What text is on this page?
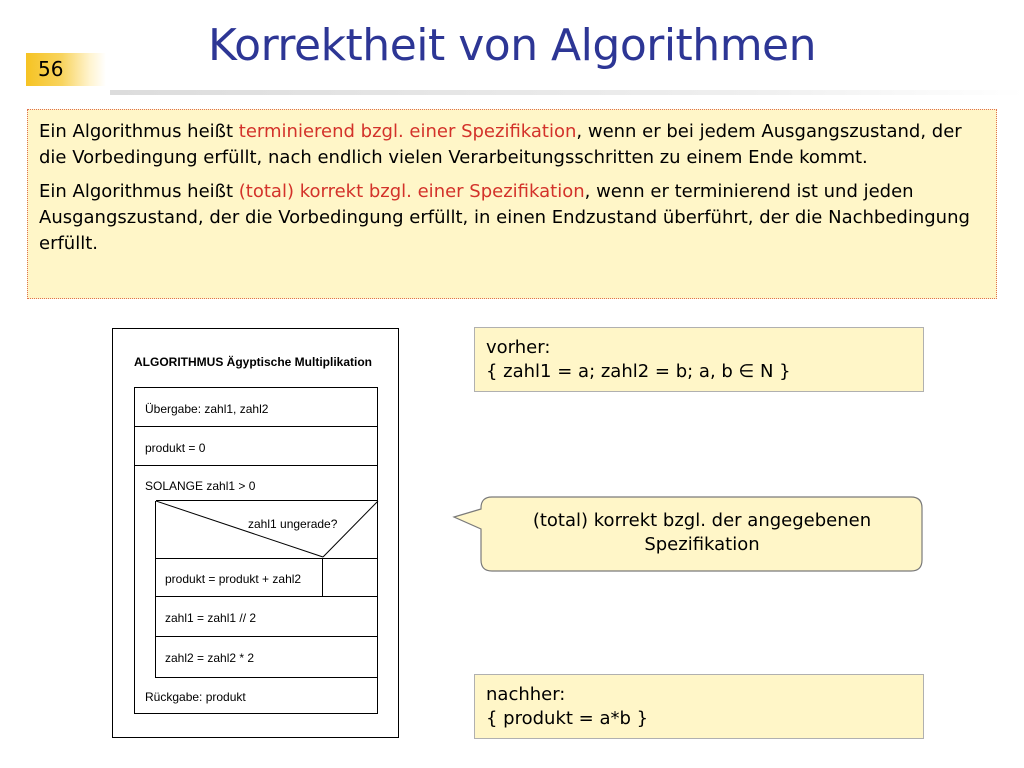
56	Korrektheit von Algorithmen

Ein Algorithmus heißt terminierend bzgl. einer Spezifikation, wenn er bei jedem Ausgangszustand, der die Vorbedingung erfüllt, nach endlich vielen Verarbeitungsschritten zu einem Ende kommt.

Ein Algorithmus heißt (total) korrekt bzgl. einer Spezifikation, wenn er terminierend ist und jeden Ausgangszustand, der die Vorbedingung erfüllt, in einen Endzustand überführt, der die Nachbedingung erfüllt.

ALGORITHMUS Ägyptische Multiplikation
Übergabe: zahl1, zahl2
produkt = 0
SOLANGE zahl1 > 0
zahl1 ungerade?
produkt = produkt + zahl2
zahl1 = zahl1 // 2
zahl2 = zahl2 * 2
Rückgabe: produkt
vorher:
{ zahl1 = a; zahl2 = b; a, b ∈ N }
(total) korrekt bzgl. der angegebenen
Spezifikation
nachher:
{ produkt = a*b }
